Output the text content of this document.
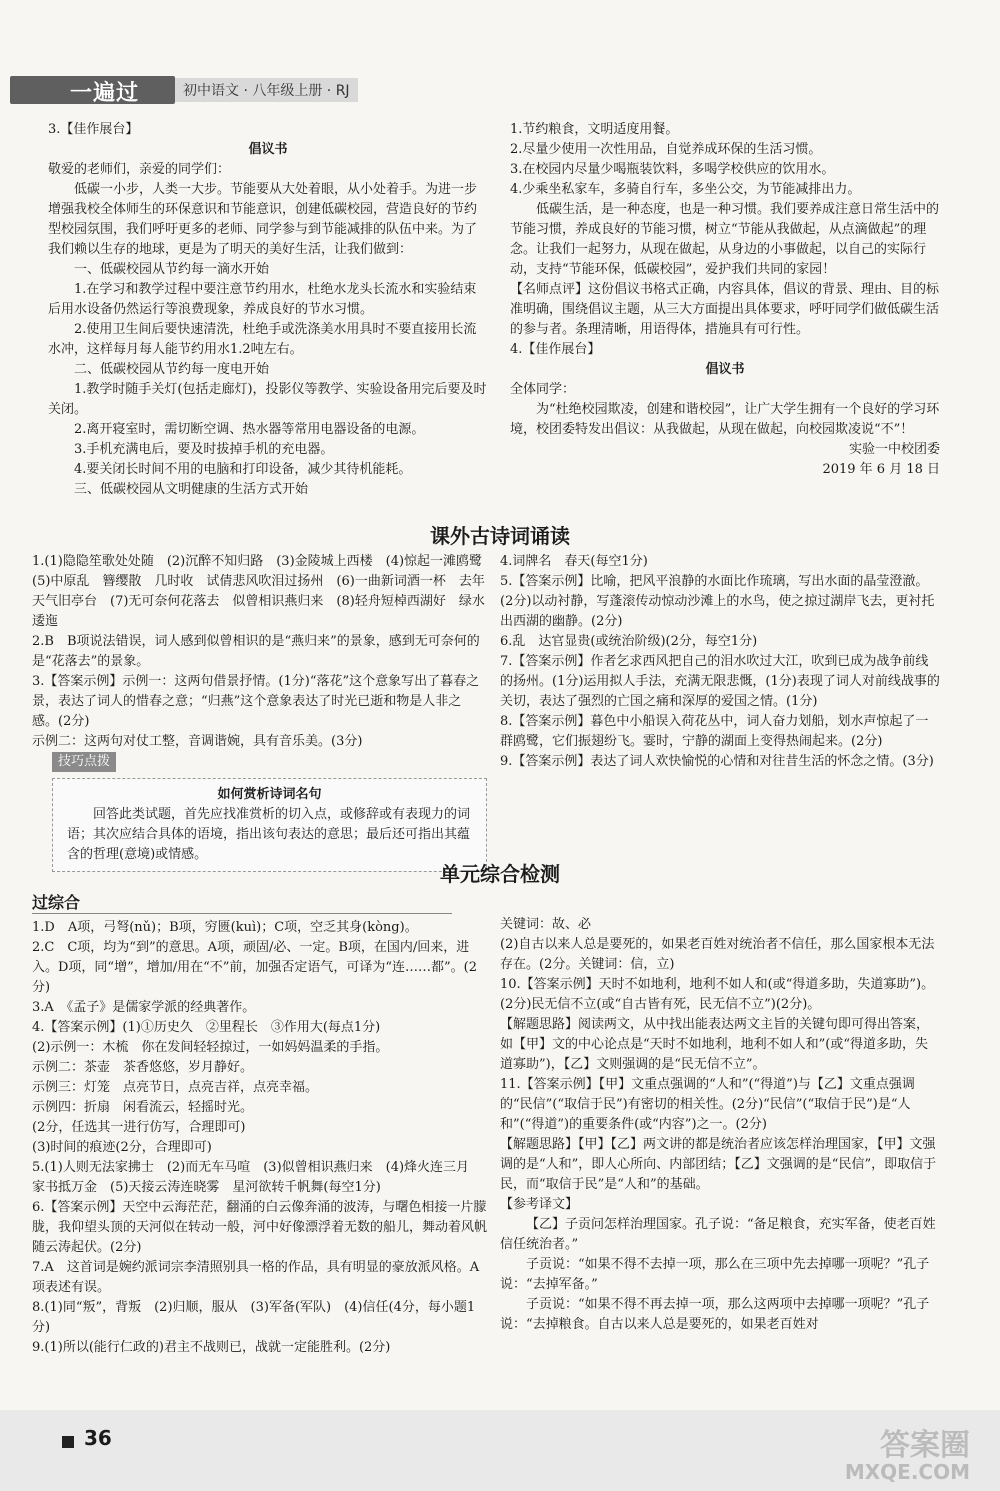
一遍过	初中语文 · 八年级上册 · RJ

3.【佳作展台】

倡议书

敬爱的老师们，亲爱的同学们：

低碳一小步，人类一大步。节能要从大处着眼，从小处着手。为进一步增强我校全体师生的环保意识和节能意识，创建低碳校园，营造良好的节约型校园氛围，我们呼吁更多的老师、同学参与到节能减排的队伍中来。为了我们赖以生存的地球，更是为了明天的美好生活，让我们做到：

一、低碳校园从节约每一滴水开始

1.在学习和教学过程中要注意节约用水，杜绝水龙头长流水和实验结束后用水设备仍然运行等浪费现象，养成良好的节水习惯。

2.使用卫生间后要快速清洗，杜绝手或洗涤美水用具时不要直接用长流水冲，这样每月每人能节约用水1.2吨左右。

二、低碳校园从节约每一度电开始

1.教学时随手关灯(包括走廊灯)，投影仪等教学、实验设备用完后要及时关闭。

2.离开寝室时，需切断空调、热水器等常用电器设备的电源。

3.手机充满电后，要及时拔掉手机的充电器。

4.要关闭长时间不用的电脑和打印设备，减少其待机能耗。

三、低碳校园从文明健康的生活方式开始

1.节约粮食，文明适度用餐。

2.尽量少使用一次性用品，自觉养成环保的生活习惯。

3.在校园内尽量少喝瓶装饮料，多喝学校供应的饮用水。

4.少乘坐私家车，多骑自行车，多坐公交，为节能减排出力。

低碳生活，是一种态度，也是一种习惯。我们要养成注意日常生活中的节能习惯，养成良好的节能习惯，树立“节能从我做起，从点滴做起”的理念。让我们一起努力，从现在做起，从身边的小事做起，以自己的实际行动，支持“节能环保，低碳校园”，爱护我们共同的家园！

【名师点评】这份倡议书格式正确，内容具体，倡议的背景、理由、目的标准明确，围绕倡议主题，从三大方面提出具体要求，呼吁同学们做低碳生活的参与者。条理清晰，用语得体，措施具有可行性。

4.【佳作展台】

倡议书

全体同学：

为“杜绝校园欺凌，创建和谐校园”，让广大学生拥有一个良好的学习环境，校团委特发出倡议：从我做起，从现在做起，向校园欺凌说“不”！

实验一中校团委

2019 年 6 月 18 日

课外古诗词诵读

1.(1)隐隐笙歌处处随　(2)沉醉不知归路　(3)金陵城上西楼　(4)惊起一滩鸥鹭　(5)中原乱　簪缨散　几时收　试倩悲风吹泪过扬州　(6)一曲新词酒一杯　去年天气旧亭台　(7)无可奈何花落去　似曾相识燕归来　(8)轻舟短棹西湖好　绿水逶迤

2.B　B项说法错误，词人感到似曾相识的是“燕归来”的景象，感到无可奈何的是“花落去”的景象。

3.【答案示例】示例一：这两句借景抒情。(1分)“落花”这个意象写出了暮春之景，表达了词人的惜春之意；“归燕”这个意象表达了时光已逝和物是人非之感。(2分)

示例二：这两句对仗工整，音调谐婉，具有音乐美。(3分)

技巧点拨

如何赏析诗词名句

回答此类试题，首先应找准赏析的切入点，或修辞或有表现力的词语；其次应结合具体的语境，指出该句表达的意思；最后还可指出其蕴含的哲理(意境)或情感。

4.词牌名　春天(每空1分)

5.【答案示例】比喻，把风平浪静的水面比作琉璃，写出水面的晶莹澄澈。(2分)以动衬静，写蓬滚传动惊动沙滩上的水鸟，使之掠过湖岸飞去，更衬托出西湖的幽静。(2分)

6.乱　达官显贵(或统治阶级)(2分，每空1分)

7.【答案示例】作者乞求西风把自己的泪水吹过大江，吹到已成为战争前线的扬州。(1分)运用拟人手法，充满无限悲慨，(1分)表现了词人对前线战事的关切，表达了强烈的亡国之痛和深厚的爱国之情。(1分)

8.【答案示例】暮色中小船误入荷花丛中，词人奋力划船，划水声惊起了一群鸥鹭，它们振翅纷飞。霎时，宁静的湖面上变得热闹起来。(2分)

9.【答案示例】表达了词人欢快愉悦的心情和对往昔生活的怀念之情。(3分)

单元综合检测
过综合

1.D　A项，弓弩(nǔ)；B项，穷匮(kuì)；C项，空乏其身(kòng)。

2.C　C项，均为“到”的意思。A项，顽固/必、一定。B项，在国内/回来，进入。D项，同“增”，增加/用在“不”前，加强否定语气，可译为“连……都”。(2分)

3.A　《孟子》是儒家学派的经典著作。

4.【答案示例】(1)①历史久　②里程长　③作用大(每点1分)

(2)示例一：木梳　你在发间轻轻掠过，一如妈妈温柔的手指。

示例二：茶壶　茶香悠悠，岁月静好。

示例三：灯笼　点亮节日，点亮吉祥，点亮幸福。

示例四：折扇　闲看流云，轻摇时光。

(2分，任选其一进行仿写，合理即可)

(3)时间的痕迹(2分，合理即可)

5.(1)人则无法家拂士　(2)而无车马喧　(3)似曾相识燕归来　(4)烽火连三月　家书抵万金　(5)天接云涛连晓雾　星河欲转千帆舞(每空1分)

6.【答案示例】天空中云海茫茫，翻涌的白云像奔涌的波涛，与曙色相接一片朦胧，我仰望头顶的天河似在转动一般，河中好像漂浮着无数的船儿，舞动着风帆随云涛起伏。(2分)

7.A　这首词是婉约派词宗李清照别具一格的作品，具有明显的豪放派风格。A项表述有误。

8.(1)同“叛”，背叛　(2)归顺，服从　(3)军备(军队)　(4)信任(4分，每小题1分)

9.(1)所以(能行仁政的)君主不战则已，战就一定能胜利。(2分)

关键词：故、必

(2)自古以来人总是要死的，如果老百姓对统治者不信任，那么国家根本无法存在。(2分。关键词：信，立)

10.【答案示例】天时不如地利，地利不如人和(或“得道多助，失道寡助”)。(2分)民无信不立(或“自古皆有死，民无信不立”)(2分)。

【解题思路】阅读两文，从中找出能表达两文主旨的关键句即可得出答案，如【甲】文的中心论点是“天时不如地利，地利不如人和”(或“得道多助，失道寡助”)，【乙】文则强调的是“民无信不立”。

11.【答案示例】【甲】文重点强调的“人和”(“得道”)与【乙】文重点强调的“民信”(“取信于民”)有密切的相关性。(2分)“民信”(“取信于民”)是“人和”(“得道”)的重要条件(或“内容”)之一。(2分)

【解题思路】【甲】【乙】两文讲的都是统治者应该怎样治理国家，【甲】文强调的是“人和”，即人心所向、内部团结；【乙】文强调的是“民信”，即取信于民，而“取信于民”是“人和”的基础。

【参考译文】

【乙】子贡问怎样治理国家。孔子说：“备足粮食，充实军备，使老百姓信任统治者。”

子贡说：“如果不得不去掉一项，那么在三项中先去掉哪一项呢？”孔子说：“去掉军备。”

子贡说：“如果不得不再去掉一项，那么这两项中去掉哪一项呢？”孔子说：“去掉粮食。自古以来人总是要死的，如果老百姓对

36	答案圈
MXQE.COM
